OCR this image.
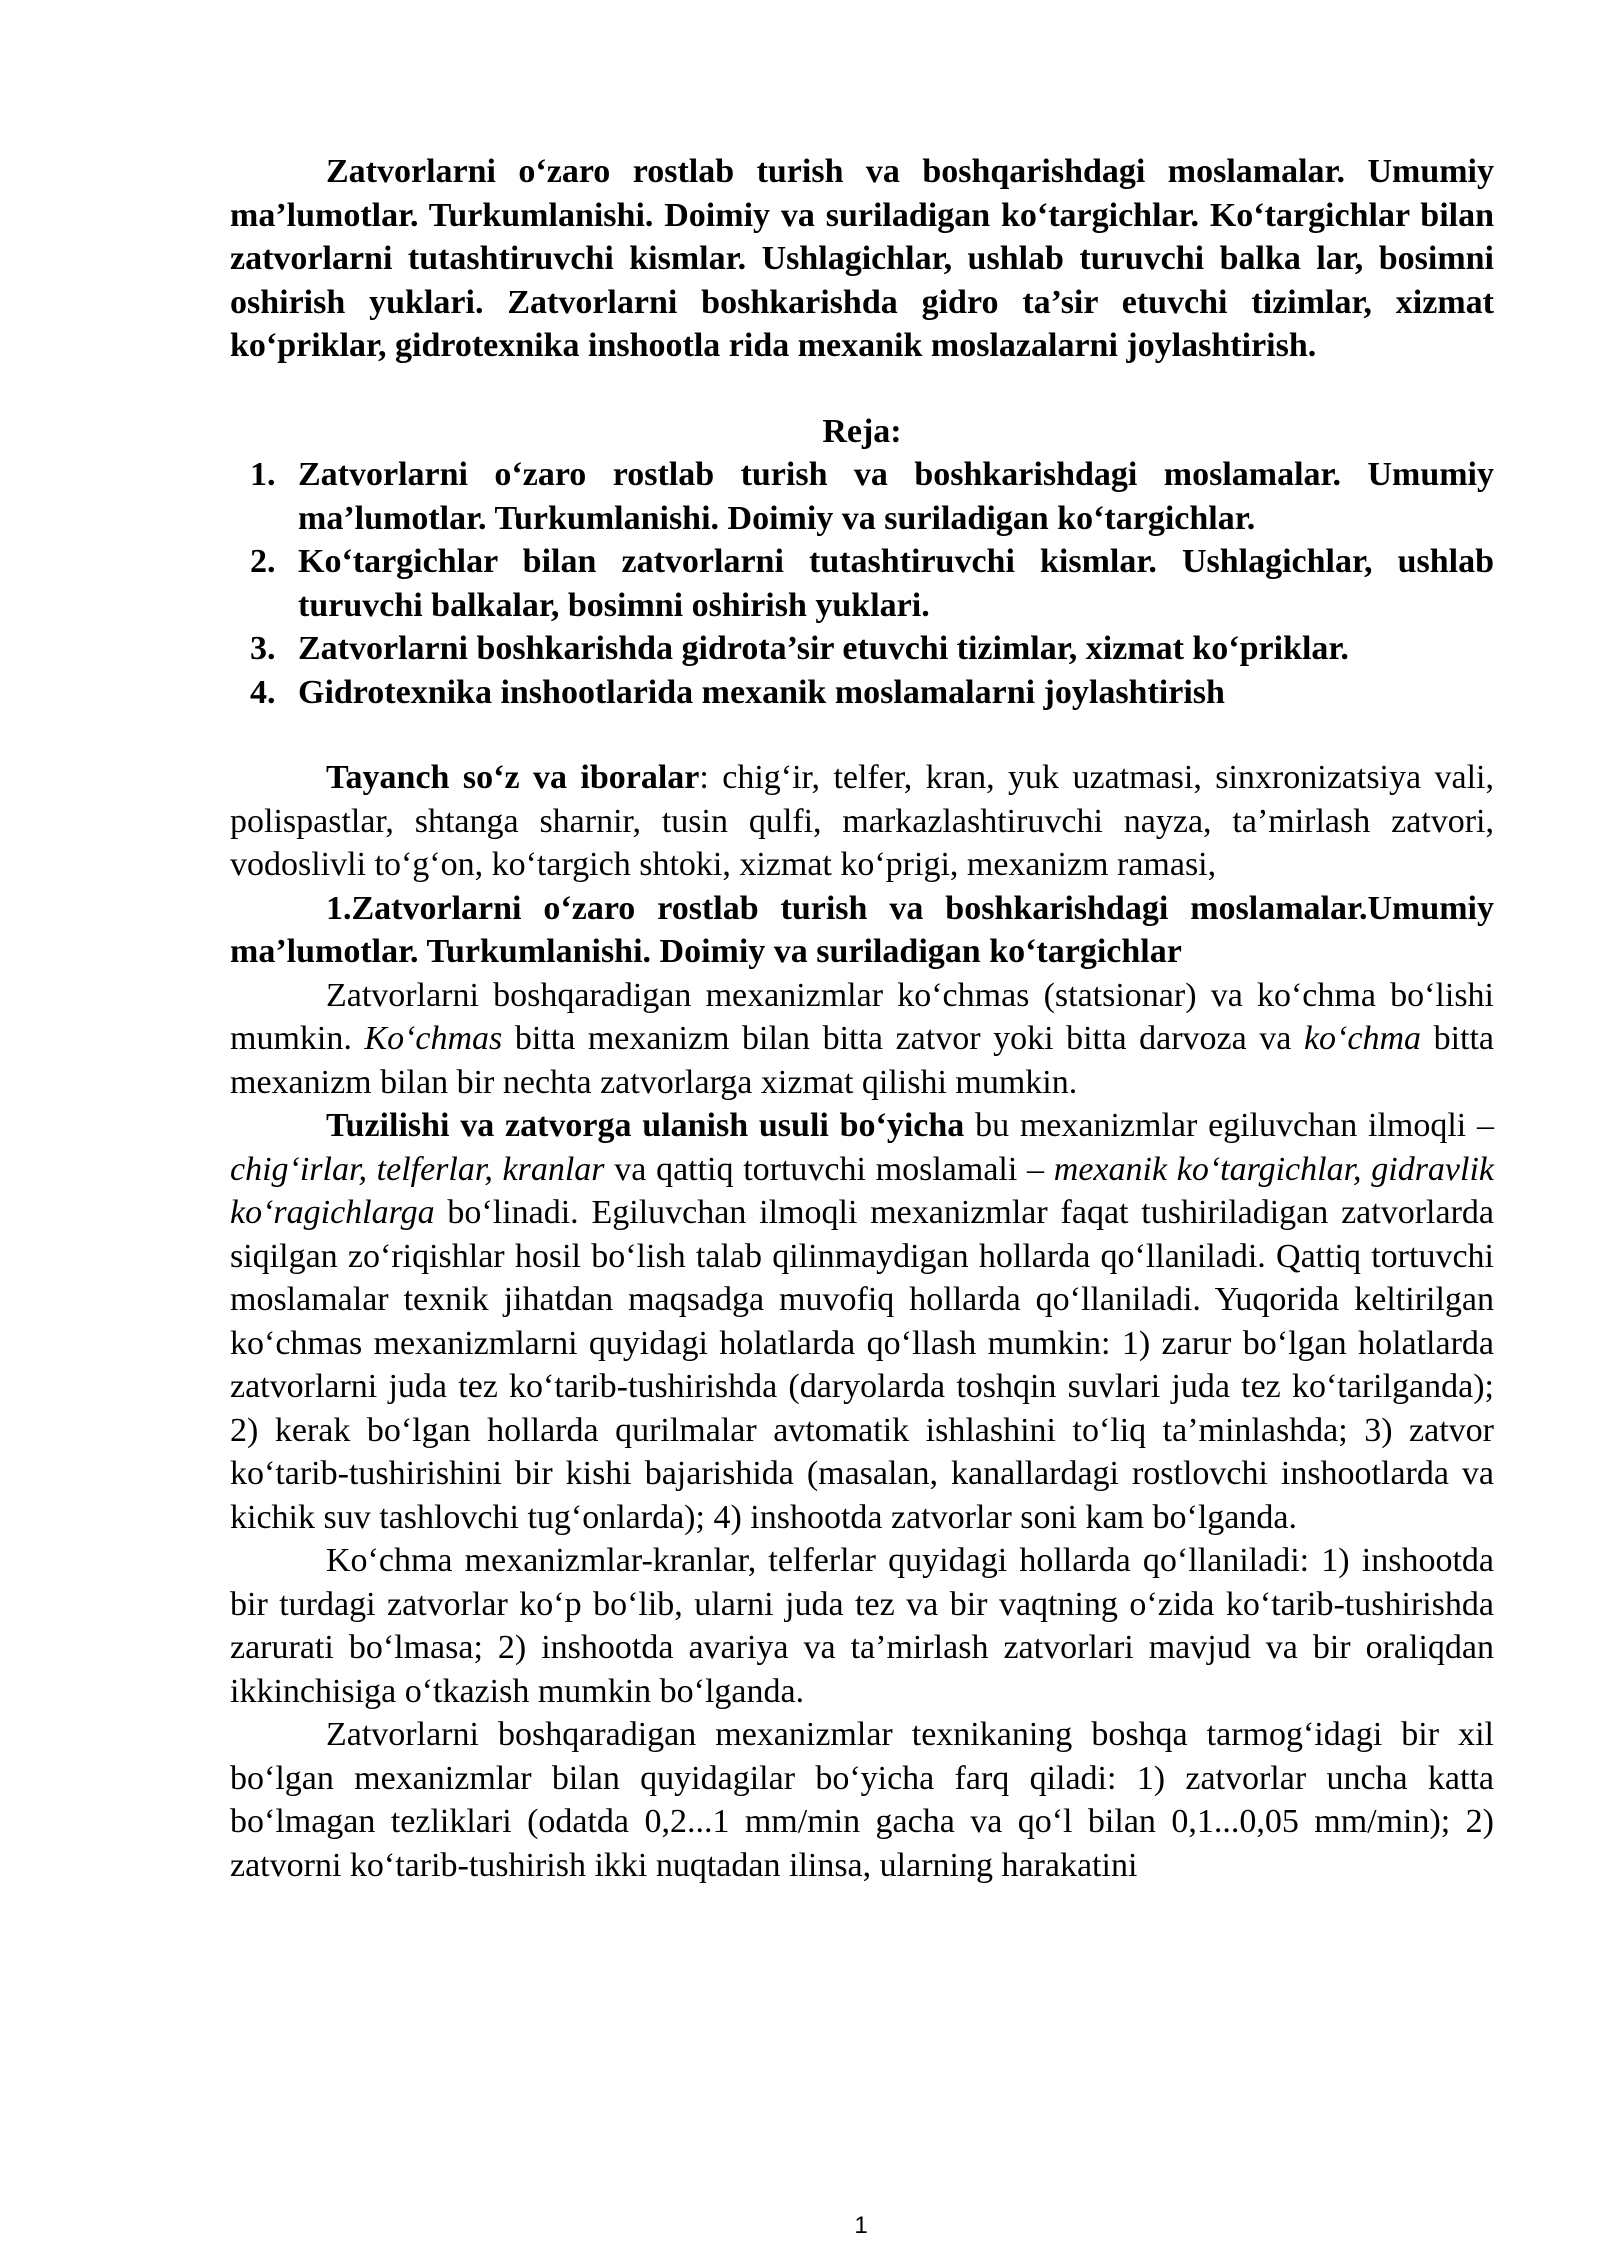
Zatvorlarni o‘zaro rostlab turish va boshqarishdagi moslamalar. Umumiy ma’lumotlar. Turkumlanishi. Doimiy va suriladigan ko‘targichlar. Ko‘targichlar bilan zatvorlarni tutashtiruvchi kismlar. Ushlagichlar, ushlab turuvchi balka lar, bosimni oshirish yuklari. Zatvorlarni boshkarishda gidro ta’sir etuvchi tizimlar, xizmat ko‘priklar, gidrotexnika inshootla rida mexanik moslazalarni joylashtirish.

Reja:

1. Zatvorlarni o‘zaro rostlab turish va boshkarishdagi moslamalar. Umumiy ma’lumotlar. Turkumlanishi. Doimiy va suriladigan ko‘targichlar.
2. Ko‘targichlar bilan zatvorlarni tutashtiruvchi kismlar. Ushlagichlar, ushlab turuvchi balkalar, bosimni oshirish yuklari.
3. Zatvorlarni boshkarishda gidrota’sir etuvchi tizimlar, xizmat ko‘priklar.
4. Gidrotexnika inshootlarida mexanik moslamalarni joylashtirish

Tayanch so‘z va iboralar: chig‘ir, telfer, kran, yuk uzatmasi, sinxronizatsiya vali, polispastlar, shtanga sharnir, tusin qulfi, markazlashtiruvchi nayza, ta’mirlash zatvori, vodoslivli to‘g‘on, ko‘targich shtoki, xizmat ko‘prigi, mexanizm ramasi,

1.Zatvorlarni o‘zaro rostlab turish va boshkarishdagi moslamalar.Umumiy ma’lumotlar. Turkumlanishi. Doimiy va suriladigan ko‘targichlar

Zatvorlarni boshqaradigan mexanizmlar ko‘chmas (statsionar) va ko‘chma bo‘lishi mumkin. Ko‘chmas bitta mexanizm bilan bitta zatvor yoki bitta darvoza va ko‘chma bitta mexanizm bilan bir nechta zatvorlarga xizmat qilishi mumkin.

Tuzilishi va zatvorga ulanish usuli bo‘yicha bu mexanizmlar egiluvchan ilmoqli – chig‘irlar, telferlar, kranlar va qattiq tortuvchi moslamali – mexanik ko‘targichlar, gidravlik ko‘ragichlarga bo‘linadi. Egiluvchan ilmoqli mexanizmlar faqat tushiriladigan zatvorlarda siqilgan zo‘riqishlar hosil bo‘lish talab qilinmaydigan hollarda qo‘llaniladi. Qattiq tortuvchi moslamalar texnik jihatdan maqsadga muvofiq hollarda qo‘llaniladi. Yuqorida keltirilgan ko‘chmas mexanizmlarni quyidagi holatlarda qo‘llash mumkin: 1) zarur bo‘lgan holatlarda zatvorlarni juda tez ko‘tarib-tushirishda (daryolarda toshqin suvlari juda tez ko‘tarilganda); 2) kerak bo‘lgan hollarda qurilmalar avtomatik ishlashini to‘liq ta’minlashda; 3) zatvor ko‘tarib-tushirishini bir kishi bajarishida (masalan, kanallardagi rostlovchi inshootlarda va kichik suv tashlovchi tug‘onlarda); 4) inshootda zatvorlar soni kam bo‘lganda.

Ko‘chma mexanizmlar-kranlar, telferlar quyidagi hollarda qo‘llaniladi: 1) inshootda bir turdagi zatvorlar ko‘p bo‘lib, ularni juda tez va bir vaqtning o‘zida ko‘tarib-tushirishda zarurati bo‘lmasa; 2) inshootda avariya va ta’mirlash zatvorlari mavjud va bir oraliqdan ikkinchisiga o‘tkazish mumkin bo‘lganda.

Zatvorlarni boshqaradigan mexanizmlar texnikaning boshqa tarmog‘idagi bir xil bo‘lgan mexanizmlar bilan quyidagilar bo‘yicha farq qiladi: 1) zatvorlar uncha katta bo‘lmagan tezliklari (odatda 0,2...1 mm/min gacha va qo‘l bilan 0,1...0,05 mm/min); 2) zatvorni ko‘tarib-tushirish ikki nuqtadan ilinsa, ularning harakatini

1
